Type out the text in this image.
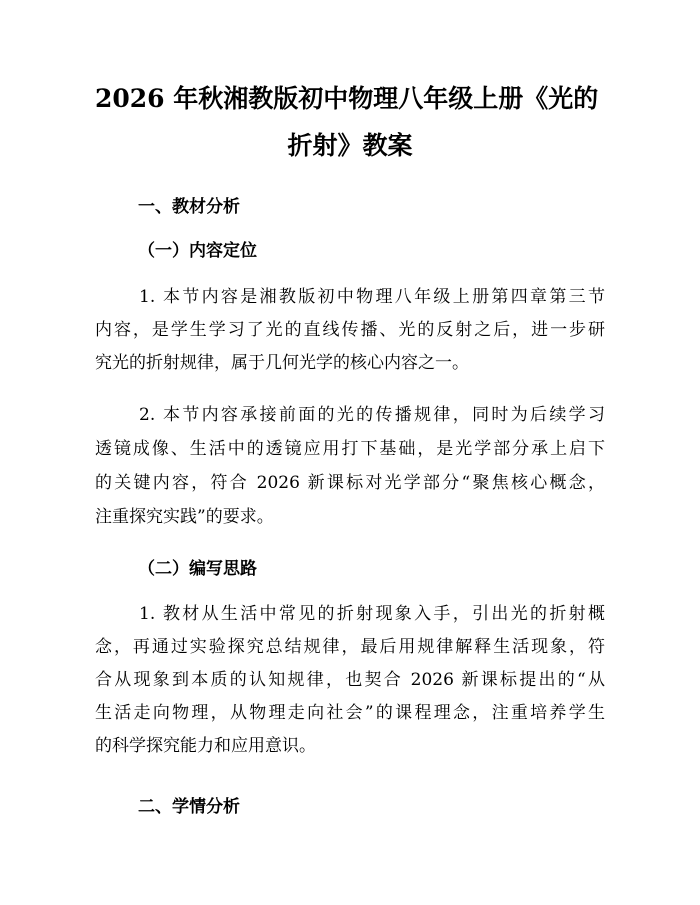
2026 年秋湘教版初中物理八年级上册《光的
折射》教案
一、教材分析
（一）内容定位
1. 本节内容是湘教版初中物理八年级上册第四章第三节
内容，是学生学习了光的直线传播、光的反射之后，进一步研
究光的折射规律，属于几何光学的核心内容之一。
2. 本节内容承接前面的光的传播规律，同时为后续学习
透镜成像、生活中的透镜应用打下基础，是光学部分承上启下
的关键内容，符合 2026 新课标对光学部分“聚焦核心概念，
注重探究实践”的要求。
（二）编写思路
1. 教材从生活中常见的折射现象入手，引出光的折射概
念，再通过实验探究总结规律，最后用规律解释生活现象，符
合从现象到本质的认知规律，也契合 2026 新课标提出的“从
生活走向物理，从物理走向社会”的课程理念，注重培养学生
的科学探究能力和应用意识。
二、学情分析
